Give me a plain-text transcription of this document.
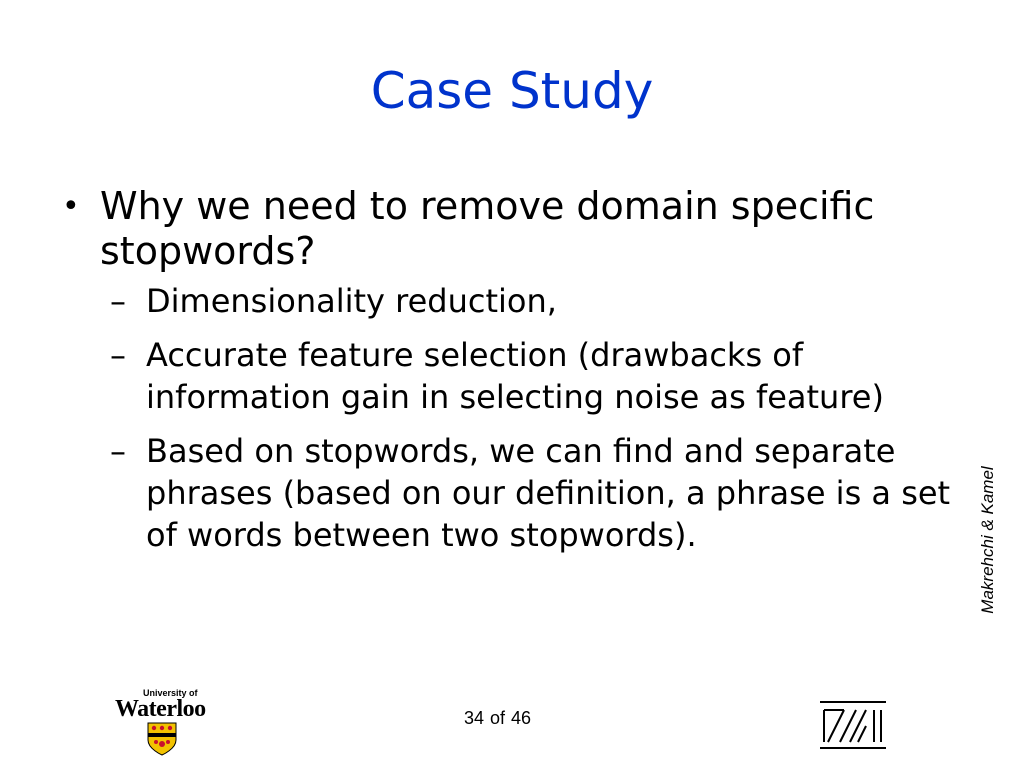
Case Study
• Why we need to remove domain specific stopwords?
– Dimensionality reduction,
– Accurate feature selection (drawbacks of information gain in selecting noise as feature)
– Based on stopwords, we can find and separate phrases (based on our definition, a phrase is a set of words between two stopwords).	Makrehchi & Kamel
University of
Waterloo	34 of 46
